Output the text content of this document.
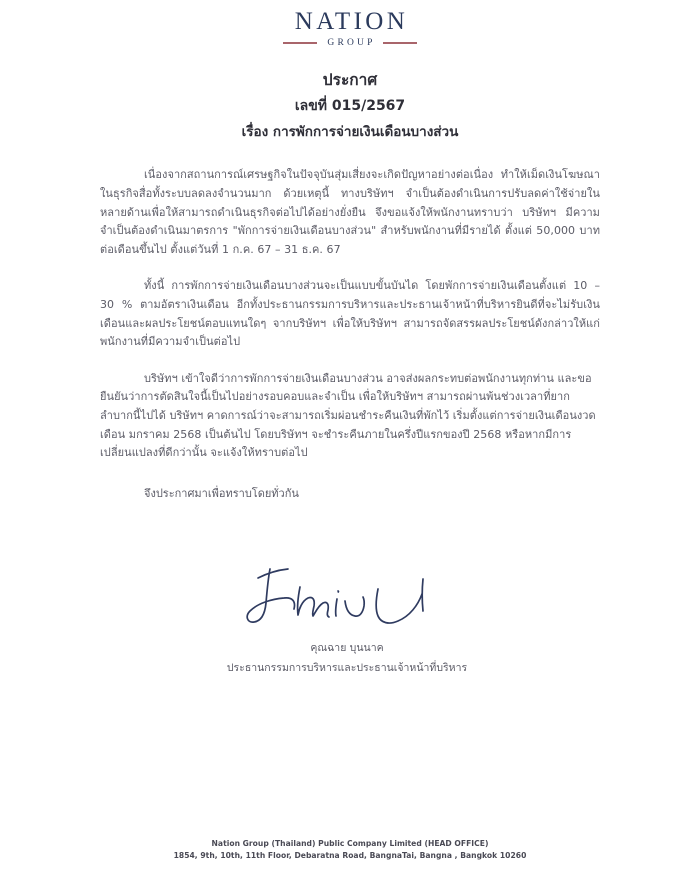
NATION
GROUP
ประกาศ
เลขที่ 015/2567
เรื่อง การพักการจ่ายเงินเดือนบางส่วน

เนื่องจากสถานการณ์เศรษฐกิจในปัจจุบันสุ่มเสี่ยงจะเกิดปัญหาอย่างต่อเนื่อง ทำให้เม็ดเงินโฆษณาในธุรกิจสื่อทั้งระบบลดลงจำนวนมาก ด้วยเหตุนี้ ทางบริษัทฯ จำเป็นต้องดำเนินการปรับลดค่าใช้จ่ายในหลายด้านเพื่อให้สามารถดำเนินธุรกิจต่อไปได้อย่างยั่งยืน จึงขอแจ้งให้พนักงานทราบว่า บริษัทฯ มีความจำเป็นต้องดำเนินมาตรการ "พักการจ่ายเงินเดือนบางส่วน" สำหรับพนักงานที่มีรายได้ ตั้งแต่ 50,000 บาทต่อเดือนขึ้นไป ตั้งแต่วันที่ 1 ก.ค. 67 – 31 ธ.ค. 67

ทั้งนี้ การพักการจ่ายเงินเดือนบางส่วนจะเป็นแบบขั้นบันได โดยพักการจ่ายเงินเดือนตั้งแต่ 10 – 30 % ตามอัตราเงินเดือน อีกทั้งประธานกรรมการบริหารและประธานเจ้าหน้าที่บริหารยินดีที่จะไม่รับเงินเดือนและผลประโยชน์ตอบแทนใดๆ จากบริษัทฯ เพื่อให้บริษัทฯ สามารถจัดสรรผลประโยชน์ดังกล่าวให้แก่พนักงานที่มีความจำเป็นต่อไป

บริษัทฯ เข้าใจดีว่าการพักการจ่ายเงินเดือนบางส่วน อาจส่งผลกระทบต่อพนักงานทุกท่าน และขอยืนยันว่าการตัดสินใจนี้เป็นไปอย่างรอบคอบและจำเป็น เพื่อให้บริษัทฯ สามารถผ่านพ้นช่วงเวลาที่ยากลำบากนี้ไปได้ บริษัทฯ คาดการณ์ว่าจะสามารถเริ่มผ่อนชำระคืนเงินที่พักไว้ เริ่มตั้งแต่การจ่ายเงินเดือนงวดเดือน มกราคม 2568 เป็นต้นไป โดยบริษัทฯ จะชำระคืนภายในครึ่งปีแรกของปี 2568 หรือหากมีการเปลี่ยนแปลงที่ดีกว่านั้น จะแจ้งให้ทราบต่อไป

จึงประกาศมาเพื่อทราบโดยทั่วกัน

คุณฉาย บุนนาค
ประธานกรรมการบริหารและประธานเจ้าหน้าที่บริหาร
Nation Group (Thailand) Public Company Limited (HEAD OFFICE)
1854, 9th, 10th, 11th Floor, Debaratna Road, BangnaTai, Bangna , Bangkok 10260
